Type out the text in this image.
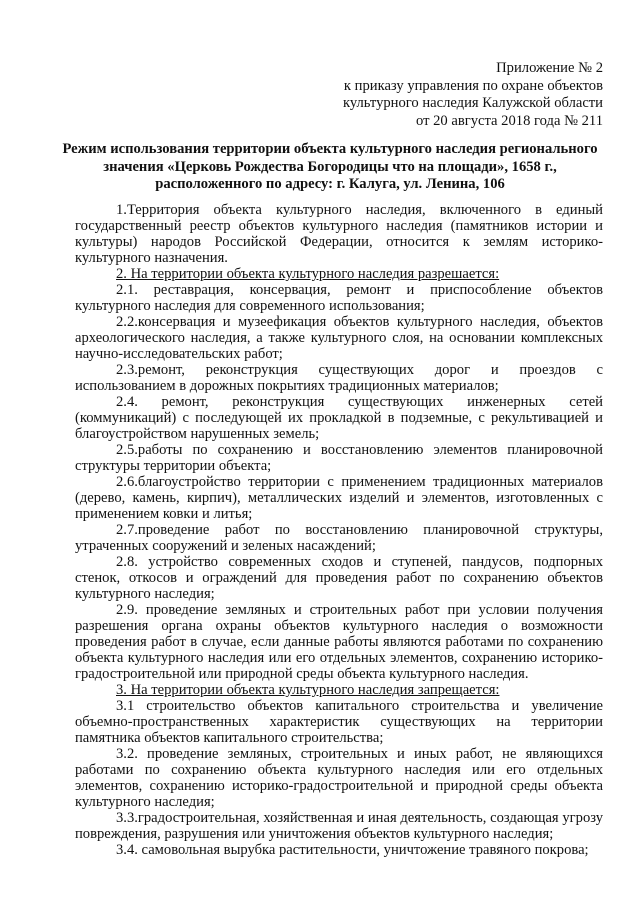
Приложение № 2
к приказу управления по охране объектов
культурного наследия Калужской области
от 20 августа 2018 года № 211
Режим использования территории объекта культурного наследия регионального
значения «Церковь Рождества Богородицы что на площади», 1658 г.,
расположенного по адресу: г. Калуга, ул. Ленина, 106

1.Территория объекта культурного наследия, включенного в единый государственный реестр объектов культурного наследия (памятников истории и культуры) народов Российской Федерации, относится к землям историко-культурного назначения.

2. На территории объекта культурного наследия разрешается:

2.1. реставрация, консервация, ремонт и приспособление объектов культурного наследия для современного использования;

2.2.консервация и музеефикация объектов культурного наследия, объектов археологического наследия, а также культурного слоя, на основании комплексных научно-исследовательских работ;

2.3.ремонт, реконструкция существующих дорог и проездов с использованием в дорожных покрытиях традиционных материалов;

2.4. ремонт, реконструкция существующих инженерных сетей (коммуникаций) с последующей их прокладкой в подземные, с рекультивацией и благоустройством нарушенных земель;

2.5.работы по сохранению и восстановлению элементов планировочной структуры территории объекта;

2.6.благоустройство территории с применением традиционных материалов (дерево, камень, кирпич), металлических изделий и элементов, изготовленных с применением ковки и литья;

2.7.проведение работ по восстановлению планировочной структуры, утраченных сооружений и зеленых насаждений;

2.8. устройство современных сходов и ступеней, пандусов, подпорных стенок, откосов и ограждений для проведения работ по сохранению объектов культурного наследия;

2.9. проведение земляных и строительных работ при условии получения разрешения органа охраны объектов культурного наследия о возможности проведения работ в случае, если данные работы являются работами по сохранению объекта культурного наследия или его отдельных элементов, сохранению историко-градостроительной или природной среды объекта культурного наследия.

3. На территории объекта культурного наследия запрещается:

3.1 строительство объектов капитального строительства и увеличение объемно-пространственных характеристик существующих на территории памятника объектов капитального строительства;

3.2. проведение земляных, строительных и иных работ, не являющихся работами по сохранению объекта культурного наследия или его отдельных элементов, сохранению историко-градостроительной и природной среды объекта культурного наследия;

3.3.градостроительная, хозяйственная и иная деятельность, создающая угрозу повреждения, разрушения или уничтожения объектов культурного наследия;

3.4. самовольная вырубка растительности, уничтожение травяного покрова;
